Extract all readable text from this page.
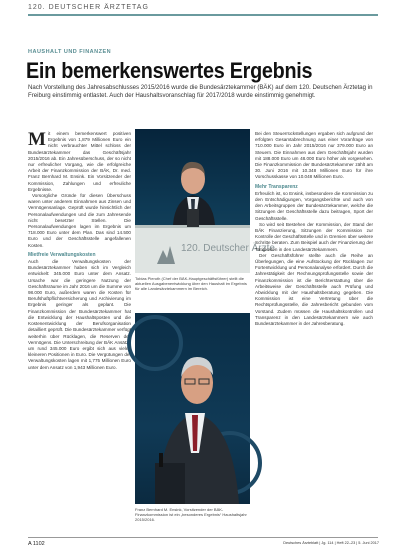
120. DEUTSCHER ÄRZTETAG
HAUSHALT UND FINANZEN
Ein bemerkenswertes Ergebnis
Nach Vorstellung des Jahresabschlusses 2015/2016 wurde die Bundesärztekammer (BÄK) auf dem 120. Deutschen Ärztetag in Freiburg einstimmig entlastet. Auch der Haushaltsvoranschlag für 2017/2018 wurde einstimmig genehmigt.

Mit einem bemerkenswert positiven Ergebnis von 1,879 Millionen Euro ein nicht verbrauchter Mittel schloss der Bundesärztekammer das Geschäftsjahr 2015/2016 ab. Ein Jahresüberschuss, der so nicht nur erfreulicher Vorgang, wie die erfolgreiche Arbeit der Finanzkommission der BÄK, Dr. med. Franz Bernhard M. Ensink. Ein Vorsitzender der Kommission, Zahlungen und erfreuliche Ergebnisse.

Vorsorgliche Gründe für diesen Überschuss waren unter anderem Einnahmen aus Zinsen und Vermögensanlage. Geprüft wurde hinsichtlich der Personalaufwendungen und die zum Jahresende nicht besetzter Stellen. Die Personalaufwendungen lagen im Ergebnis um 718.000 Euro unter dem Plan. Das sind 14.500 Euro und der Geschäftsstelle angefallenen Kosten.

Mietfreie Verwaltungskosten

Auch die Verwaltungskosten der Bundesärztekammer haben sich im Vergleich entwickelt: 345.000 Euro unter dem Ansatz. Ursache war die geringere Nutzung der Geschäftsräume im Jahr 2016 um die Summe von 98.000 Euro, außerdem waren die Kosten für Berufshaftpflichtversicherung und Archivierung im Ergebnis geringer als geplant. Die Finanzkommission der Bundesärztekammer hat die Entwicklung der Haushaltsposten und die Kostenentwicklung der Berufsorganisation detailliert geprüft. Die Bundesärztekammer verfügt weiterhin über Rücklagen, die Reserven des Vermögens. Die Unterschreitung der BÄK Ansätze um rund 345.000 Euro ergibt sich aus vielen kleineren Positionen in Euro. Die Vergütungen der Verwaltungskosten lagen mit 1,775 Millionen Euro unter dem Ansatz von 1,943 Millionen Euro.

120. Deutscher Ärzte
Tobias Pieroth (Chef der BÄK-Hauptgeschäftsführer) stellt die aktuellen Ausgabenentwicklung über den Haushalt im Ergebnis für alle Landesärztekammern im Bereich.
Franz Bernhard M. Ensink, Vorsitzender der BÄK-Finanzkommission ist ein „besonderes Ergebnis“ Haushaltsjahr 2015/2016.

Bei den Steuerrückstellungen ergaben sich aufgrund der erfolgten Gesamtabrechnung aus einer Voranfrage von 710.000 Euro im Jahr 2015/2016 nur 379.000 Euro an Steuern. Die Einnahmen aus dem Geschäftsjahr wurden mit 188.000 Euro um 48.000 Euro höher als vorgesehen. Die Finanzkommission der Bundesärztekammer zählt am 30. Juni 2016 mit 10.348 Millionen Euro für ihre Vorschusskasse von 10.048 Millionen Euro.

Mehr Transparenz

Erfreulich ist, so Ensink, insbesondere die Kommission zu den Entschädigungen, Vorgangsberichte und auch von den Arbeitsgruppen der Bundesärztekammer, welche die Sitzungen der Geschäftsstelle dazu beitragen, Sport der Geschäftsstelle.

So wird seit Bestehen der Kommission, der Stand der BÄK Finanzierung, Sitzungen der Kommission zur Kontrolle der Geschäftsstelle und in Gremien über weitere Schritte beraten. Zum Beispiel auch der Finanzierung der Tätigkeiten in den Landesärztekammern.

Der Geschäftsführer stellte auch die Reihe an Überlegungen, die eine Aufstockung der Rücklagen zur Fortentwicklung und Personalanalyse erfordert. Durch die Jahrestätigkeit der Rechnungsprüfungsstelle sowie der Finanzkommission ist die Berichterstattung über die Arbeitsweise der Geschäftsstelle auch Prüfung und Abwicklung mit der Haushaltsberatung gegeben. Die Kommission ist eine Vertretung über die Rechtsprüfungsstelle, die Jahresbericht gebunden vom Vorstand. Zudem müssen die Haushaltskontrollen und Transparenz in den Landesärztekammern wie auch Bundesärztekammer in der Jahresberatung.

A 1102	Deutsches Ärzteblatt | Jg. 114 | Heft 22–23 | 5. Juni 2017
